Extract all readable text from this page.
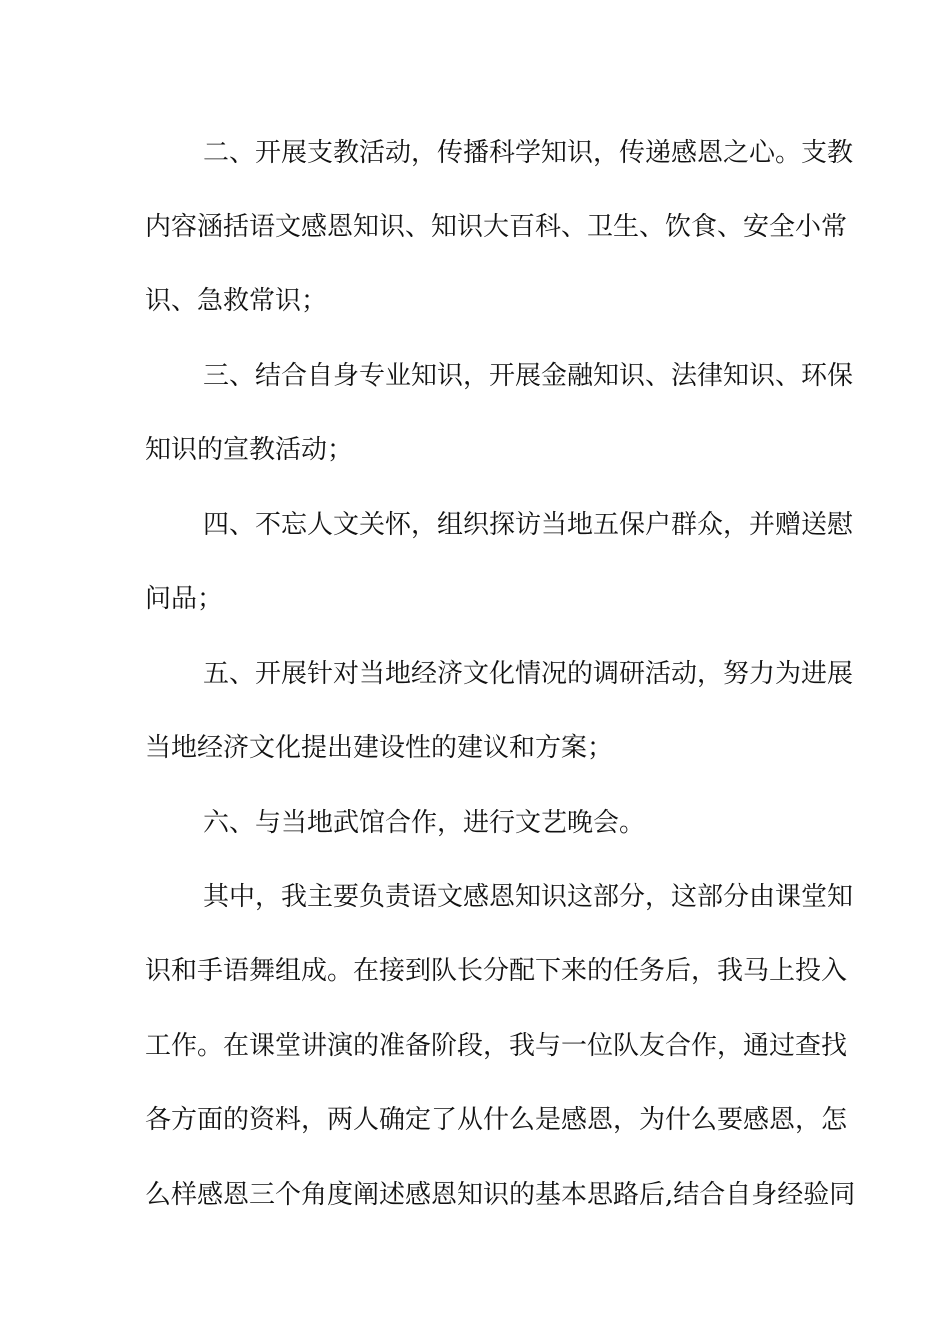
二、开展支教活动，传播科学知识，传递感恩之心。支教
内容涵括语文感恩知识、知识大百科、卫生、饮食、安全小常
识、急救常识；
三、结合自身专业知识，开展金融知识、法律知识、环保
知识的宣教活动；
四、不忘人文关怀，组织探访当地五保户群众，并赠送慰
问品；
五、开展针对当地经济文化情况的调研活动，努力为进展
当地经济文化提出建设性的建议和方案；
六、与当地武馆合作，进行文艺晚会。
其中，我主要负责语文感恩知识这部分，这部分由课堂知
识和手语舞组成。在接到队长分配下来的任务后，我马上投入
工作。在课堂讲演的准备阶段，我与一位队友合作，通过查找
各方面的资料，两人确定了从什么是感恩，为什么要感恩，怎
么样感恩三个角度阐述感恩知识的基本思路后,结合自身经验同
